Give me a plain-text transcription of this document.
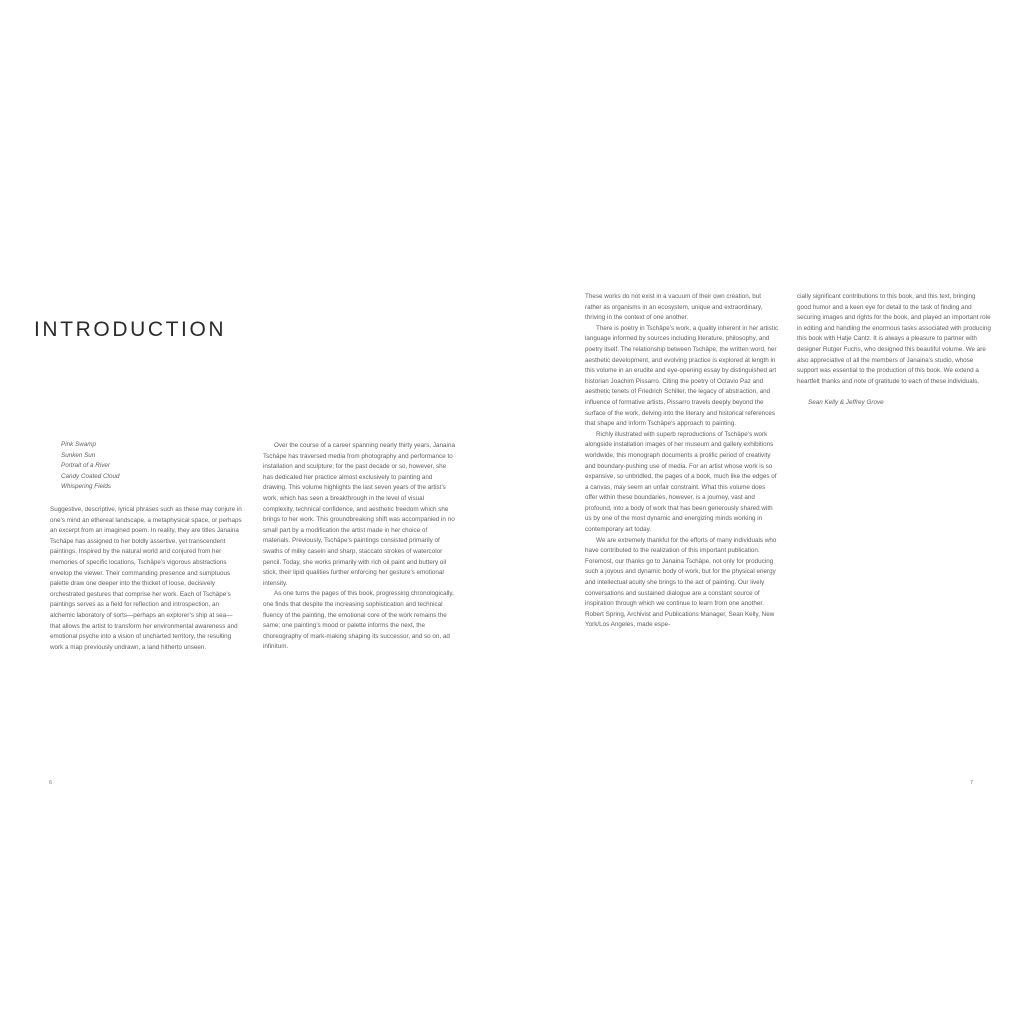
INTRODUCTION
Pink Swamp
Sunken Sun
Portrait of a River
Candy Coated Cloud
Whispering Fields

Suggestive, descriptive, lyrical phrases such as these may conjure in one’s mind an ethereal landscape, a metaphysical space, or perhaps an excerpt from an imagined poem. In reality, they are titles Janaina Tschäpe has assigned to her boldly assertive, yet transcendent paintings. Inspired by the natural world and conjured from her memories of specific locations, Tschäpe’s vigorous abstractions envelop the viewer. Their commanding presence and sumptuous palette draw one deeper into the thicket of loose, decisively orchestrated gestures that comprise her work. Each of Tschäpe’s paintings serves as a field for reflection and introspection, an alchemic laboratory of sorts—perhaps an explorer’s ship at sea—that allows the artist to transform her environmental awareness and emotional psyche into a vision of uncharted territory, the resulting work a map previously undrawn, a land hitherto unseen.

Over the course of a career spanning nearly thirty years, Janaina Tschäpe has traversed media from photography and performance to installation and sculpture; for the past decade or so, however, she has dedicated her practice almost exclusively to painting and drawing. This volume highlights the last seven years of the artist’s work, which has seen a breakthrough in the level of visual complexity, technical confidence, and aesthetic freedom which she brings to her work. This groundbreaking shift was accompanied in no small part by a modification the artist made in her choice of materials. Previously, Tschäpe’s paintings consisted primarily of swaths of milky casein and sharp, staccato strokes of watercolor pencil. Today, she works primarily with rich oil paint and buttery oil stick, their lipid qualities further enforcing her gesture’s emotional intensity.

As one turns the pages of this book, progressing chronologically, one finds that despite the increasing sophistication and technical fluency of the painting, the emotional core of the work remains the same; one painting’s mood or palette informs the next, the choreography of mark-making shaping its successor, and so on, ad infinitum.

These works do not exist in a vacuum of their own creation, but rather as organisms in an ecosystem, unique and extraordinary, thriving in the context of one another.

There is poetry in Tschäpe’s work, a quality inherent in her artistic language informed by sources including literature, philosophy, and poetry itself. The relationship between Tschäpe, the written word, her aesthetic development, and evolving practice is explored at length in this volume in an erudite and eye-opening essay by distinguished art historian Joachim Pissarro. Citing the poetry of Octavio Paz and aesthetic tenets of Friedrich Schiller, the legacy of abstraction, and influence of formative artists, Pissarro travels deeply beyond the surface of the work, delving into the literary and historical references that shape and inform Tschäpe’s approach to painting.

Richly illustrated with superb reproductions of Tschäpe’s work alongside installation images of her museum and gallery exhibitions worldwide, this monograph documents a prolific period of creativity and boundary-pushing use of media. For an artist whose work is so expansive, so unbridled, the pages of a book, much like the edges of a canvas, may seem an unfair constraint. What this volume does offer within these boundaries, however, is a journey, vast and profound, into a body of work that has been generously shared with us by one of the most dynamic and energizing minds working in contemporary art today.

We are extremely thankful for the efforts of many individuals who have contributed to the realization of this important publication. Foremost, our thanks go to Janaina Tschäpe, not only for producing such a joyous and dynamic body of work, but for the physical energy and intellectual acuity she brings to the act of painting. Our lively conversations and sustained dialogue are a constant source of inspiration through which we continue to learn from one another. Robert Spring, Archivist and Publications Manager, Sean Kelly, New York/Los Angeles, made espe-

cially significant contributions to this book, and this text, bringing good humor and a keen eye for detail to the task of finding and securing images and rights for the book, and played an important role in editing and handling the enormous tasks associated with producing this book with Hatje Cantz. It is always a pleasure to partner with designer Rutger Fuchs, who designed this beautiful volume. We are also appreciative of all the members of Janaina’s studio, whose support was essential to the production of this book. We extend a heartfelt thanks and note of gratitude to each of these individuals.

Sean Kelly & Jeffrey Grove

6	7
